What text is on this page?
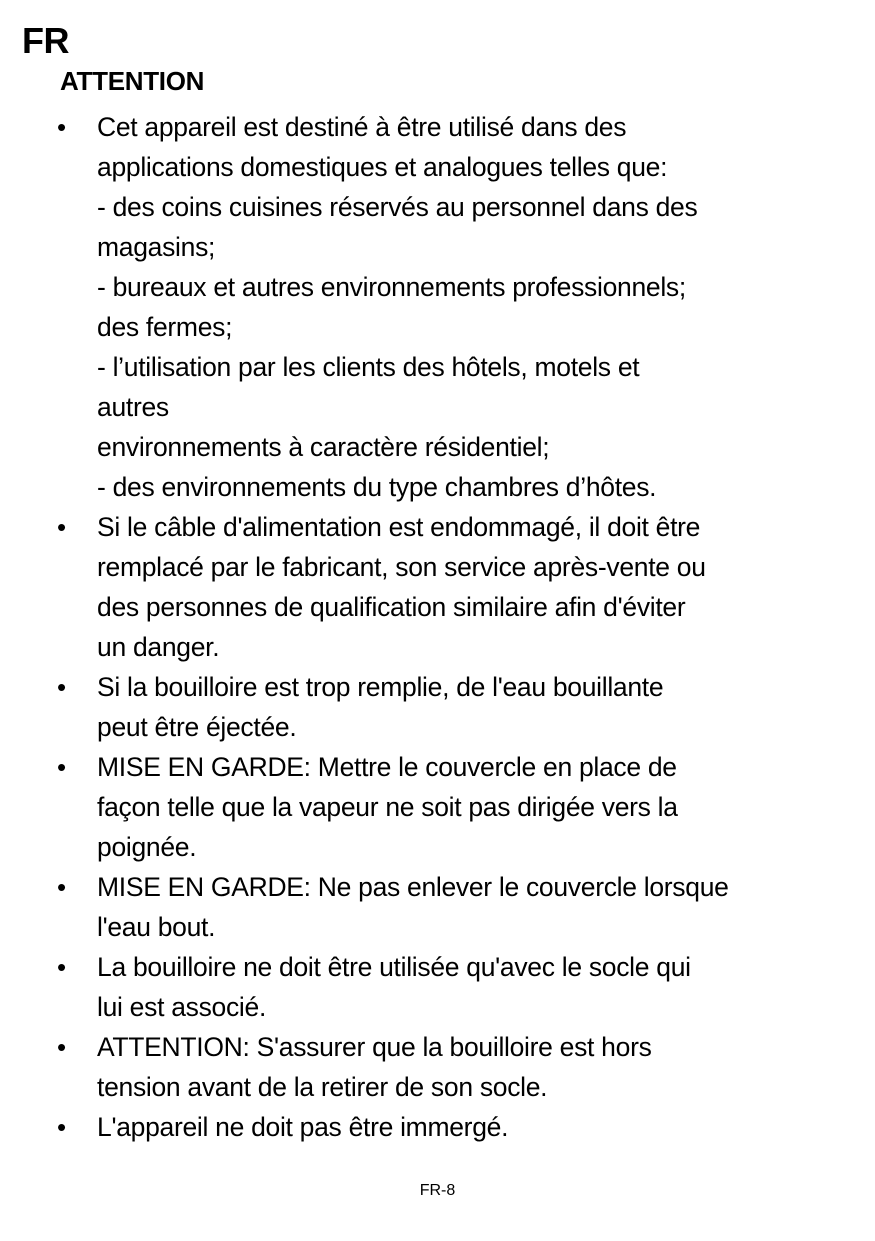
FR
ATTENTION
•	Cet appareil est destiné à être utilisé dans des
applications domestiques et analogues telles que:
- des coins cuisines réservés au personnel dans des
magasins;
- bureaux et autres environnements professionnels;
des fermes;
- l’utilisation par les clients des hôtels, motels et
autres
environnements à caractère résidentiel;
- des environnements du type chambres d’hôtes.
•	Si le câble d'alimentation est endommagé, il doit être
remplacé par le fabricant, son service après-vente ou
des personnes de qualification similaire afin d'éviter
un danger.
•	Si la bouilloire est trop remplie, de l'eau bouillante
peut être éjectée.
•	MISE EN GARDE: Mettre le couvercle en place de
façon telle que la vapeur ne soit pas dirigée vers la
poignée.
•	MISE EN GARDE: Ne pas enlever le couvercle lorsque
l'eau bout.
•	La bouilloire ne doit être utilisée qu'avec le socle qui
lui est associé.
•	ATTENTION: S'assurer que la bouilloire est hors
tension avant de la retirer de son socle.
•	L'appareil ne doit pas être immergé.
FR-8
